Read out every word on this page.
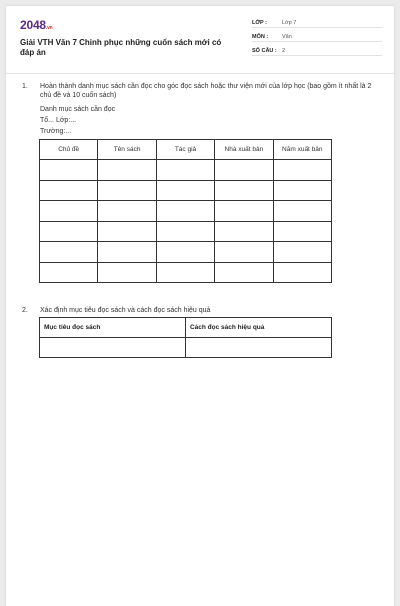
2048.vn
Giải VTH Văn 7 Chinh phục những cuốn sách mới có đáp án
LỚP :	Lớp 7
MÔN :	Văn
SỐ CÂU : 2
1. Hoàn thành danh mục sách cần đọc cho góc đọc sách hoặc thư viện mới của lớp học (bao gồm ít nhất là 2 chủ đề và 10 cuốn sách)
Danh mục sách cần đọc
Tổ... Lớp:...
Trường:...
Chủ đề	Tên sách	Tác giả	Nhà xuất bản	Năm xuất bản

2. Xác định mục tiêu đọc sách và cách đọc sách hiệu quả
Mục tiêu đọc sách	Cách đọc sách hiệu quả
